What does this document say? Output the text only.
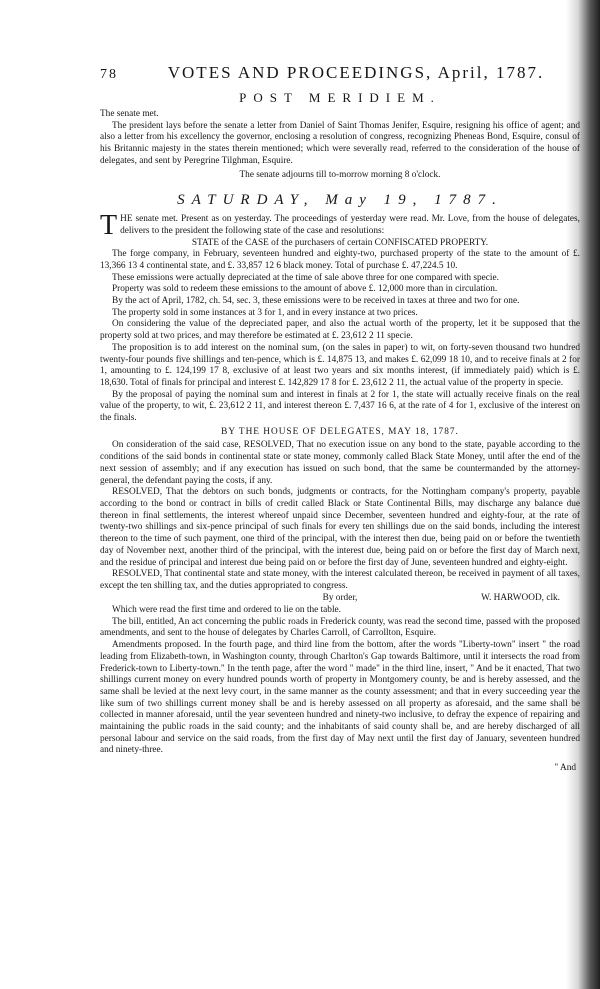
78	VOTES AND PROCEEDINGS, April, 1787.
POST MERIDIEM.

The senate met.

The president lays before the senate a letter from Daniel of Saint Thomas Jenifer, Esquire, resigning his office of agent; and also a letter from his excellency the governor, enclosing a resolution of congress, recognizing Pheneas Bond, Esquire, consul of his Britannic majesty in the states therein mentioned; which were severally read, referred to the consideration of the house of delegates, and sent by Peregrine Tilghman, Esquire.

The senate adjourns till to-morrow morning 8 o'clock.

SATURDAY, May 19, 1787.

THE senate met. Present as on yesterday. The proceedings of yesterday were read. Mr. Love, from the house of delegates, delivers to the president the following state of the case and resolutions:

STATE of the CASE of the purchasers of certain CONFISCATED PROPERTY.

The forge company, in February, seventeen hundred and eighty-two, purchased property of the state to the amount of £. 13,366 13 4 continental state, and £. 33,857 12 6 black money. Total of purchase £. 47,224.5 10.

These emissions were actually depreciated at the time of sale above three for one compared with specie.

Property was sold to redeem these emissions to the amount of above £. 12,000 more than in circulation.

By the act of April, 1782, ch. 54, sec. 3, these emissions were to be received in taxes at three and two for one.

The property sold in some instances at 3 for 1, and in every instance at two prices.

On considering the value of the depreciated paper, and also the actual worth of the property, let it be supposed that the property sold at two prices, and may therefore be estimated at £. 23,612 2 11 specie.

The proposition is to add interest on the nominal sum, (on the sales in paper) to wit, on forty-seven thousand two hundred twenty-four pounds five shillings and ten-pence, which is £. 14,875 13, and makes £. 62,099 18 10, and to receive finals at 2 for 1, amounting to £. 124,199 17 8, exclusive of at least two years and six months interest, (if immediately paid) which is £. 18,630. Total of finals for principal and interest £. 142,829 17 8 for £. 23,612 2 11, the actual value of the property in specie.

By the proposal of paying the nominal sum and interest in finals at 2 for 1, the state will actually receive finals on the real value of the property, to wit, £. 23,612 2 11, and interest thereon £. 7,437 16 6, at the rate of 4 for 1, exclusive of the interest on the finals.

BY THE HOUSE OF DELEGATES, MAY 18, 1787.

On consideration of the said case, RESOLVED, That no execution issue on any bond to the state, payable according to the conditions of the said bonds in continental state or state money, commonly called Black State Money, until after the end of the next session of assembly; and if any execution has issued on such bond, that the same be countermanded by the attorney-general, the defendant paying the costs, if any.

RESOLVED, That the debtors on such bonds, judgments or contracts, for the Nottingham company's property, payable according to the bond or contract in bills of credit called Black or State Continental Bills, may discharge any balance due thereon in final settlements, the interest whereof unpaid since December, seventeen hundred and eighty-four, at the rate of twenty-two shillings and six-pence principal of such finals for every ten shillings due on the said bonds, including the interest thereon to the time of such payment, one third of the principal, with the interest then due, being paid on or before the twentieth day of November next, another third of the principal, with the interest due, being paid on or before the first day of March next, and the residue of principal and interest due being paid on or before the first day of June, seventeen hundred and eighty-eight.

RESOLVED, That continental state and state money, with the interest calculated thereon, be received in payment of all taxes, except the ten shilling tax, and the duties appropriated to congress.

By order,	W. HARWOOD, clk.

Which were read the first time and ordered to lie on the table.

The bill, entitled, An act concerning the public roads in Frederick county, was read the second time, passed with the proposed amendments, and sent to the house of delegates by Charles Carroll, of Carrollton, Esquire.

Amendments proposed. In the fourth page, and third line from the bottom, after the words "Liberty-town" insert " the road leading from Elizabeth-town, in Washington county, through Charlton's Gap towards Baltimore, until it intersects the road from Frederick-town to Liberty-town." In the tenth page, after the word " made" in the third line, insert, " And be it enacted, That two shillings current money on every hundred pounds worth of property in Montgomery county, be and is hereby assessed, and the same shall be levied at the next levy court, in the same manner as the county assessment; and that in every succeeding year the like sum of two shillings current money shall be and is hereby assessed on all property as aforesaid, and the same shall be collected in manner aforesaid, until the year seventeen hundred and ninety-two inclusive, to defray the expence of repairing and maintaining the public roads in the said county; and the inhabitants of said county shall be, and are hereby discharged of all personal labour and service on the said roads, from the first day of May next until the first day of January, seventeen hundred and ninety-three.

" And
